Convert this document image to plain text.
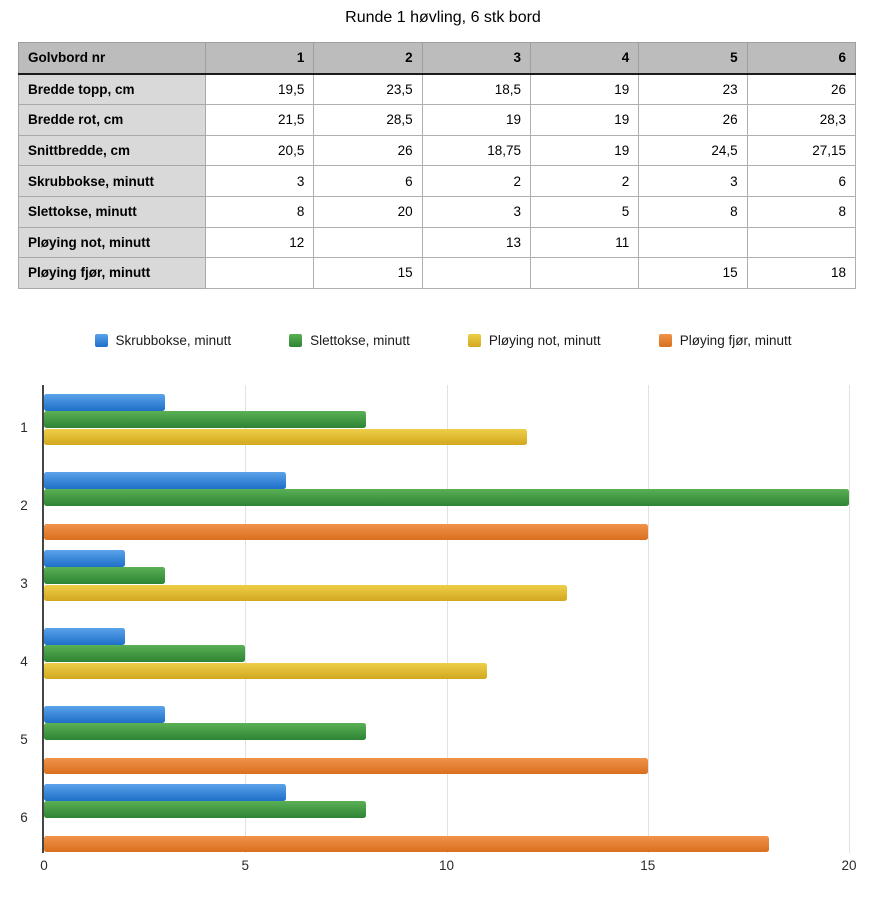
Runde 1 høvling, 6 stk bord
Golvbord nr	1	2	3	4	5	6
Bredde topp, cm	19,5	23,5	18,5	19	23	26
Bredde rot, cm	21,5	28,5	19	19	26	28,3
Snittbredde, cm	20,5	26	18,75	19	24,5	27,15
Skrubbokse, minutt	3	6	2	2	3	6
Slettokse, minutt	8	20	3	5	8	8
Pløying not, minutt	12		13	11		
Pløying fjør, minutt		15			15	18
Skrubbokse, minutt	Slettokse, minutt	Pløying not, minutt	Pløying fjør, minutt
0	5	10	15	20
1
2
3
4
5
6
